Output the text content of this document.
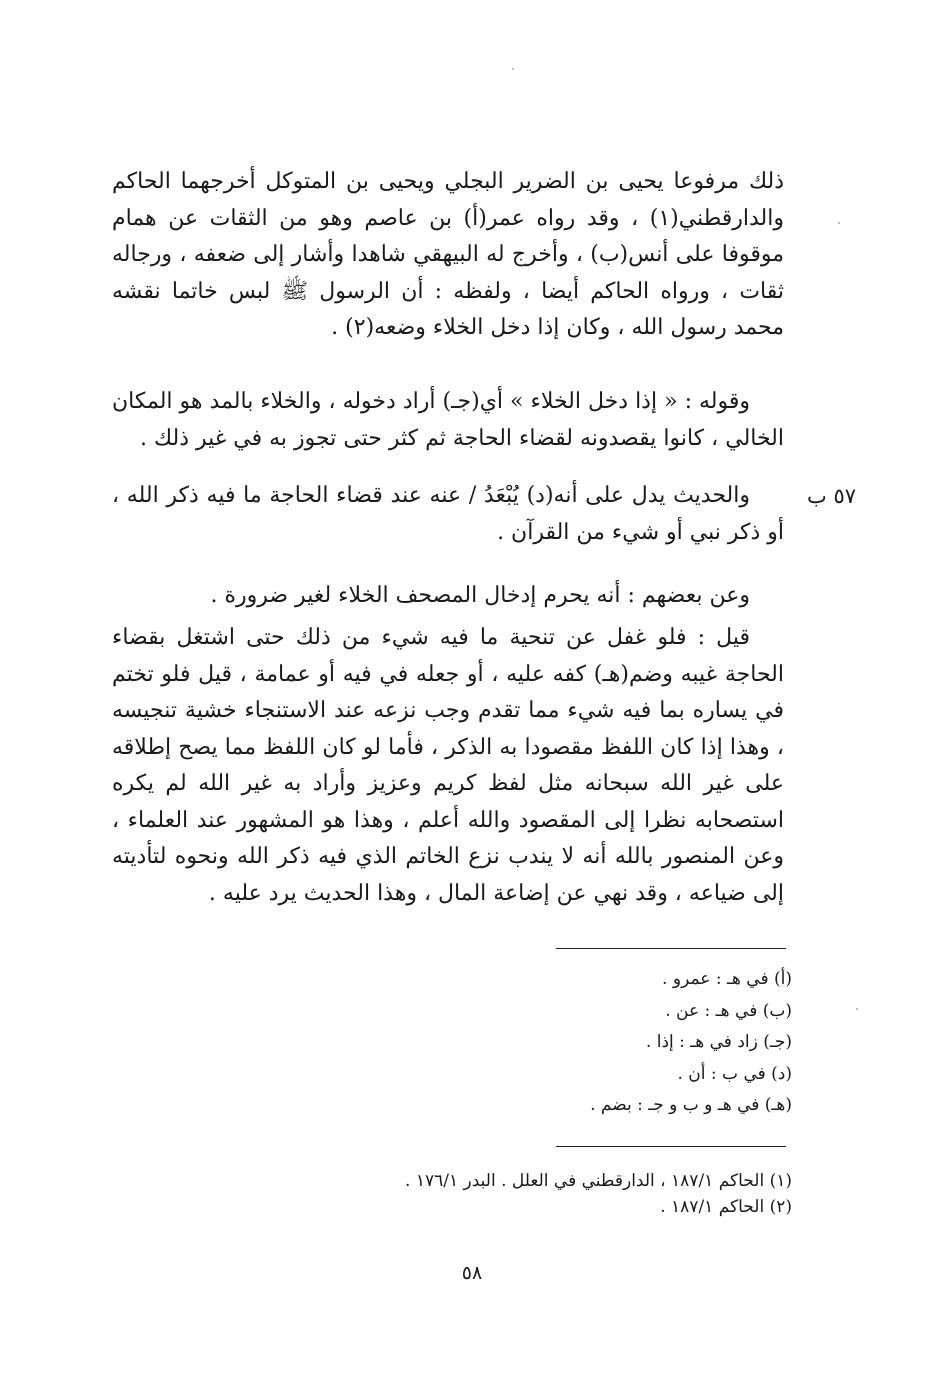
ذلك مرفوعا يحيى بن الضرير البجلي ويحيى بن المتوكل أخرجهما الحاكم والدارقطني(١) ، وقد رواه عمر(أ) بن عاصم وهو من الثقات عن همام موقوفا على أنس(ب) ، وأخرج له البيهقي شاهدا وأشار إلى ضعفه ، ورجاله ثقات ، ورواه الحاكم أيضا ، ولفظه : أن الرسول ﷺ لبس خاتما نقشه محمد رسول الله ، وكان إذا دخل الخلاء وضعه(٢) .

وقوله : « إذا دخل الخلاء » أي(جـ) أراد دخوله ، والخلاء بالمد هو المكان الخالي ، كانوا يقصدونه لقضاء الحاجة ثم كثر حتى تجوز به في غير ذلك .

٥٧ ب

والحديث يدل على أنه(د) يُبْعَدُ / عنه عند قضاء الحاجة ما فيه ذكر الله ، أو ذكر نبي أو شيء من القرآن .

وعن بعضهم : أنه يحرم إدخال المصحف الخلاء لغير ضرورة .

قيل : فلو غفل عن تنحية ما فيه شيء من ذلك حتى اشتغل بقضاء الحاجة غيبه وضم(هـ) كفه عليه ، أو جعله في فيه أو عمامة ، قيل فلو تختم في يساره بما فيه شيء مما تقدم وجب نزعه عند الاستنجاء خشية تنجيسه ، وهذا إذا كان اللفظ مقصودا به الذكر ، فأما لو كان اللفظ مما يصح إطلاقه على غير الله سبحانه مثل لفظ كريم وعزيز وأراد به غير الله لم يكره استصحابه نظرا إلى المقصود والله أعلم ، وهذا هو المشهور عند العلماء ، وعن المنصور بالله أنه لا يندب نزع الخاتم الذي فيه ذكر الله ونحوه لتأديته إلى ضياعه ، وقد نهي عن إضاعة المال ، وهذا الحديث يرد عليه .

(أ) في هـ : عمرو .
(ب) في هـ : عن .
(جـ) زاد في هـ : إذا .
(د) في ب : أن .
(هـ) في هـ و ب و جـ : بضم .
(١) الحاكم ١٨٧/١ ، الدارقطني في العلل . البدر ١٧٦/١ .
(٢) الحاكم ١٨٧/١ .
٥٨
